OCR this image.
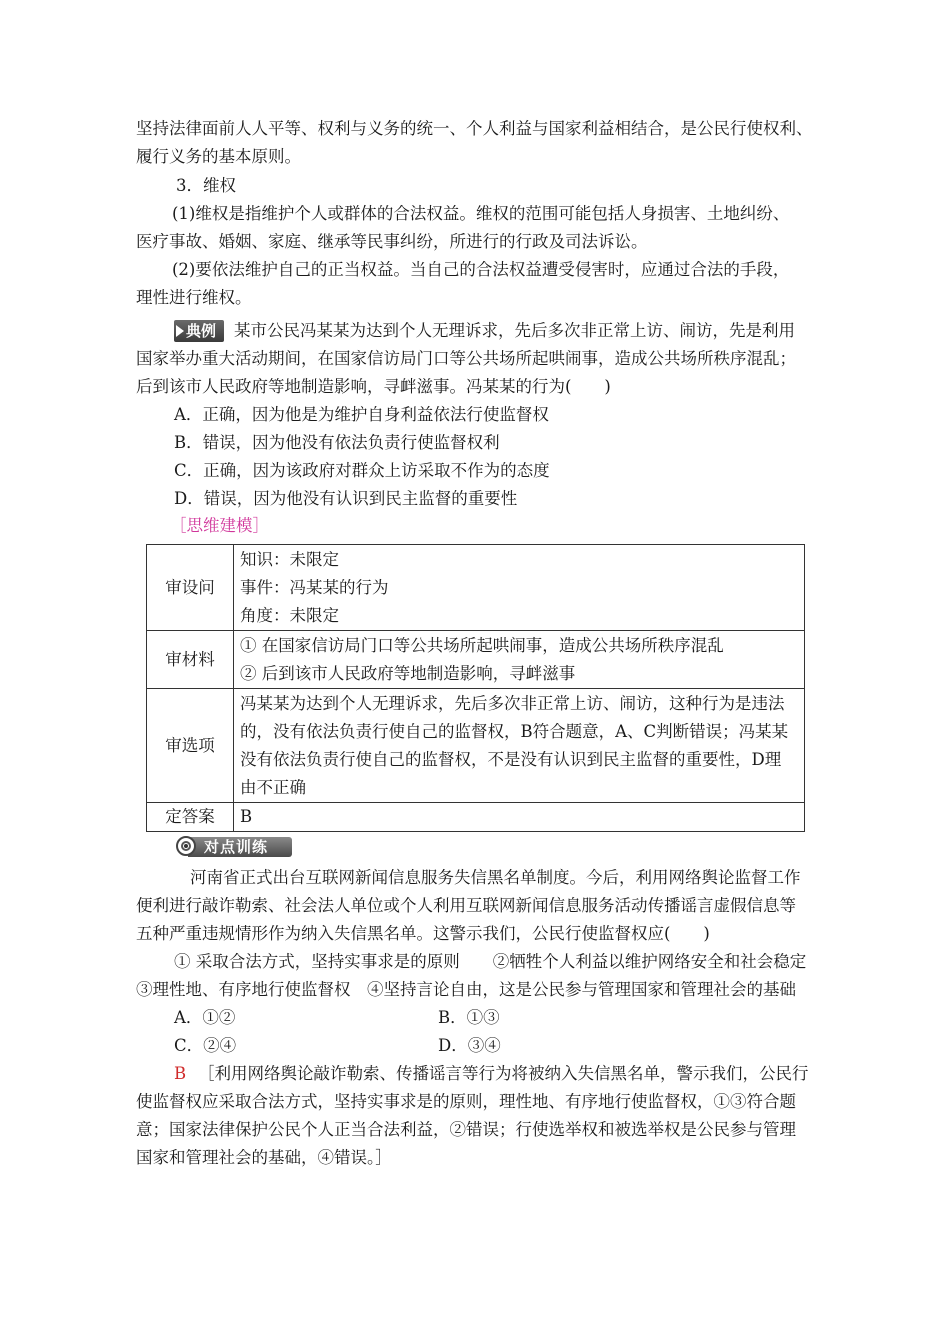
坚持法律面前人人平等、权利与义务的统一、个人利益与国家利益相结合，是公民行使权利、
履行义务的基本原则。
3．维权
(1)维权是指维护个人或群体的合法权益。维权的范围可能包括人身损害、土地纠纷、
医疗事故、婚姻、家庭、继承等民事纠纷，所进行的行政及司法诉讼。
(2)要依法维护自己的正当权益。当自己的合法权益遭受侵害时，应通过合法的手段，
理性进行维权。
典例 某市公民冯某某为达到个人无理诉求，先后多次非正常上访、闹访，先是利用
国家举办重大活动期间，在国家信访局门口等公共场所起哄闹事，造成公共场所秩序混乱；
后到该市人民政府等地制造影响，寻衅滋事。冯某某的行为(　　)
A．正确，因为他是为维护自身利益依法行使监督权
B．错误，因为他没有依法负责行使监督权利
C．正确，因为该政府对群众上访采取不作为的态度
D．错误，因为他没有认识到民主监督的重要性
［思维建模］
审设问	知识：未限定
事件：冯某某的行为
角度：未限定

审材料	① 在国家信访局门口等公共场所起哄闹事，造成公共场所秩序混乱
② 后到该市人民政府等地制造影响，寻衅滋事

审选项	冯某某为达到个人无理诉求，先后多次非正常上访、闹访，这种行为是违法
的，没有依法负责行使自己的监督权，B符合题意，A、C判断错误；冯某某
没有依法负责行使自己的监督权，不是没有认识到民主监督的重要性，D理
由不正确

定答案	B
对点训练
河南省正式出台互联网新闻信息服务失信黑名单制度。今后，利用网络舆论监督工作
便利进行敲诈勒索、社会法人单位或个人利用互联网新闻信息服务活动传播谣言虚假信息等
五种严重违规情形作为纳入失信黑名单。这警示我们，公民行使监督权应(　　)
① 采取合法方式，坚持实事求是的原则　　②牺牲个人利益以维护网络安全和社会稳定
③理性地、有序地行使监督权　④坚持言论自由，这是公民参与管理国家和管理社会的基础
A．①②	B．①③
C．②④	D．③④
B ［利用网络舆论敲诈勒索、传播谣言等行为将被纳入失信黑名单，警示我们，公民行
使监督权应采取合法方式，坚持实事求是的原则，理性地、有序地行使监督权，①③符合题
意；国家法律保护公民个人正当合法利益，②错误；行使选举权和被选举权是公民参与管理
国家和管理社会的基础，④错误。］
